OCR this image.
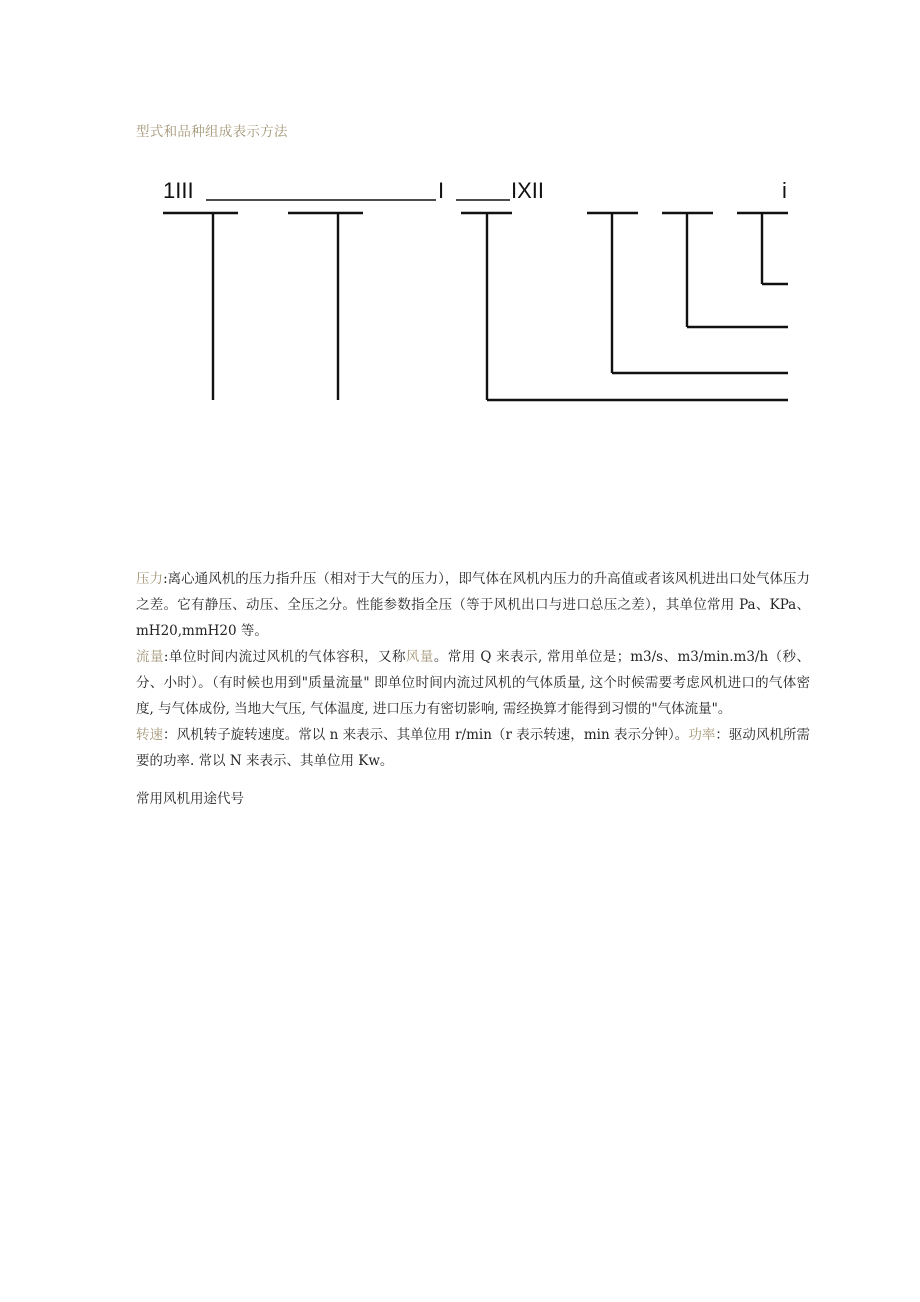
型式和品种组成表示方法
1III	I	IXII	i

压力:离心通风机的压力指升压（相对于大气的压力），即气体在风机内压力的升高值或者该风机进出口处气体压力之差。它有静压、动压、全压之分。性能参数指全压（等于风机出口与进口总压之差），其单位常用 Pa、KPa、mH20,mmH20 等。

流量:单位时间内流过风机的气体容积，又称风量。常用 Q 来表示, 常用单位是；m3/s、m3/min.m3/h（秒、分、小时）。（有时候也用到"质量流量" 即单位时间内流过风机的气体质量, 这个时候需要考虑风机进口的气体密度, 与气体成份, 当地大气压, 气体温度, 进口压力有密切影响, 需经换算才能得到习惯的"气体流量"。

转速：风机转子旋转速度。常以 n 来表示、其单位用 r/min（r 表示转速，min 表示分钟）。功率：驱动风机所需要的功率. 常以 N 来表示、其单位用 Kw。

常用风机用途代号
